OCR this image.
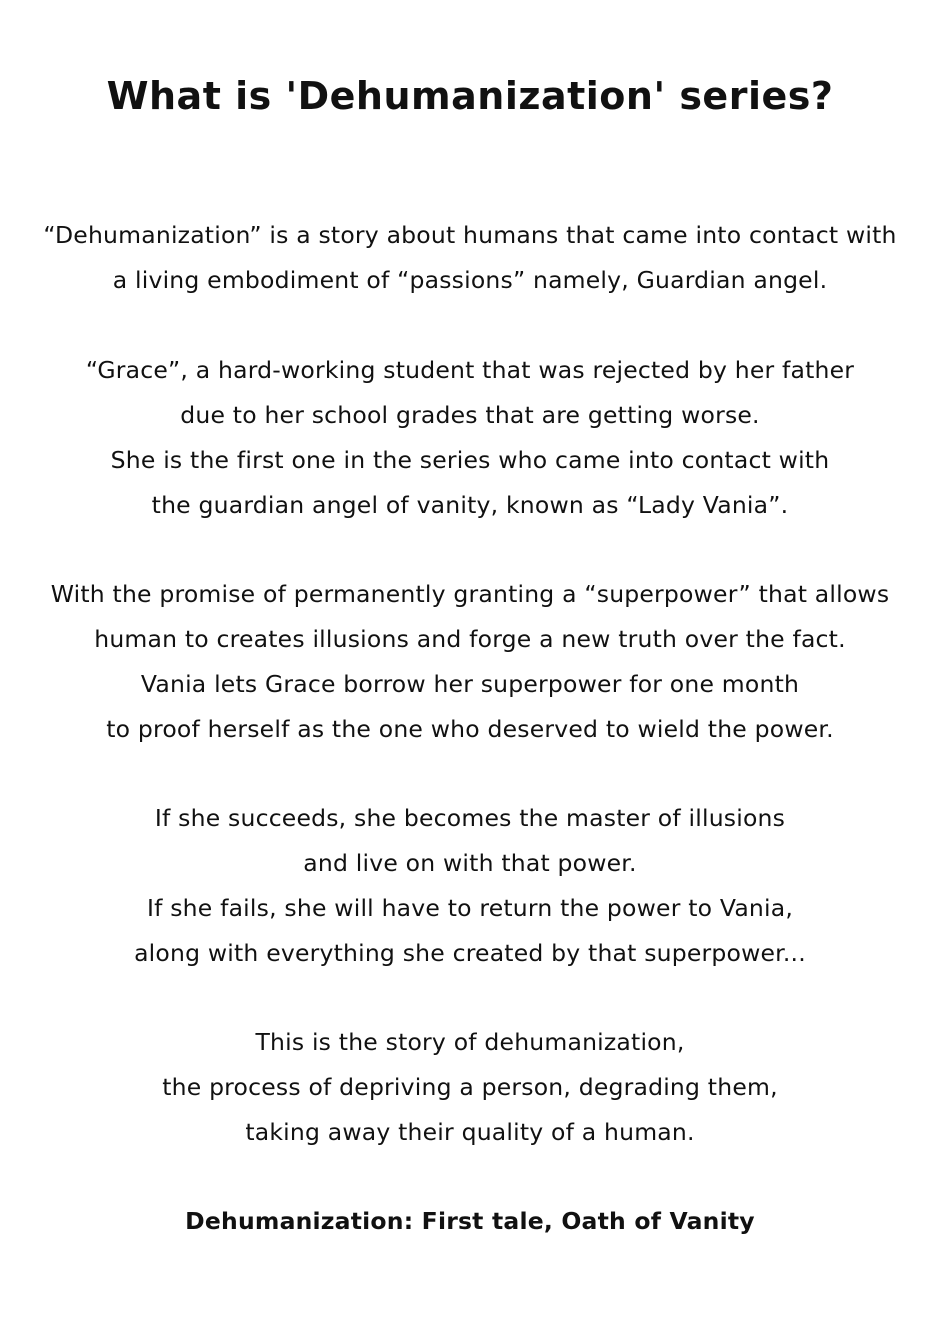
What is 'Dehumanization' series?
“Dehumanization” is a story about humans that came into contact with
a living embodiment of “passions” namely, Guardian angel.
“Grace”, a hard-working student that was rejected by her father
due to her school grades that are getting worse.
She is the first one in the series who came into contact with
the guardian angel of vanity, known as “Lady Vania”.
With the promise of permanently granting a “superpower” that allows
human to creates illusions and forge a new truth over the fact.
Vania lets Grace borrow her superpower for one month
to proof herself as the one who deserved to wield the power.
If she succeeds, she becomes the master of illusions
and live on with that power.
If she fails, she will have to return the power to Vania,
along with everything she created by that superpower...
This is the story of dehumanization,
the process of depriving a person, degrading them,
taking away their quality of a human.
Dehumanization: First tale, Oath of Vanity
